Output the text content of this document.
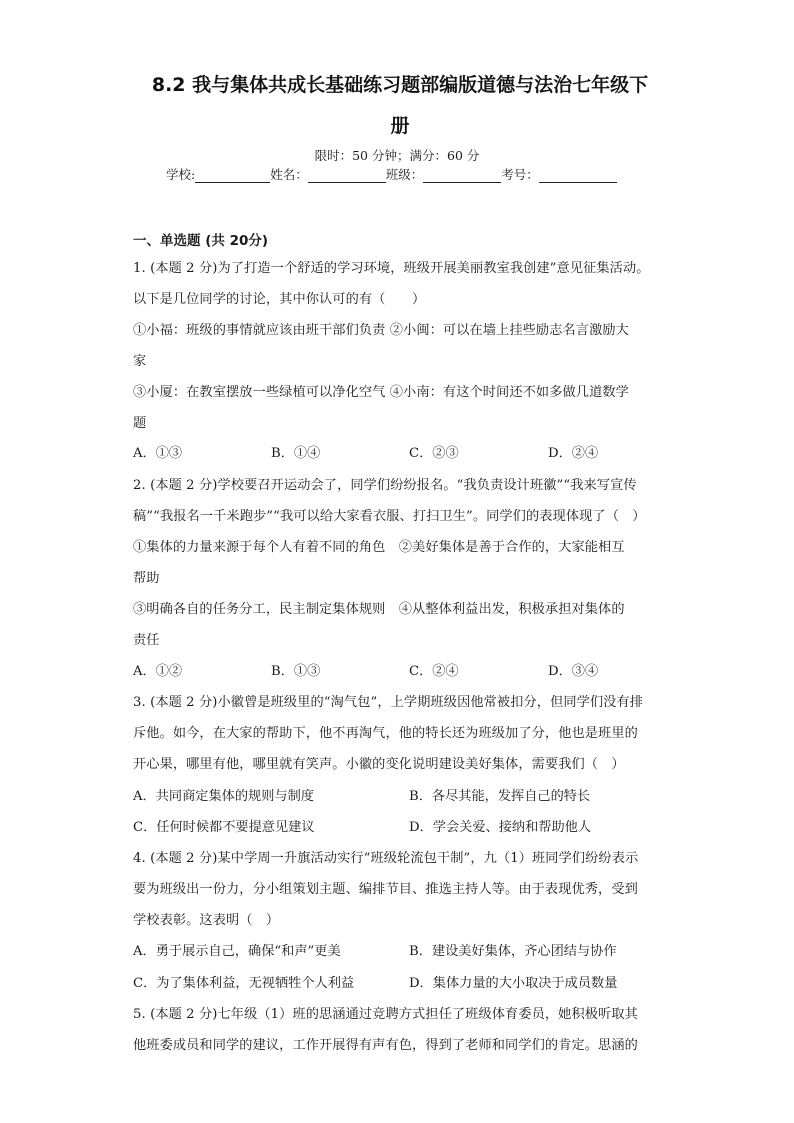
8.2 我与集体共成长基础练习题部编版道德与法治七年级下
册
限时：50 分钟；满分：60 分
学校:	姓名：	班级：	考号：
一、单选题 (共 20分)
1. (本题 2 分)为了打造一个舒适的学习环境，班级开展美丽教室我创建”意见征集活动。
以下是几位同学的讨论，其中你认可的有（　　）
①小福：班级的事情就应该由班干部们负责 ②小闽：可以在墙上挂些励志名言激励大
家
③小厦：在教室摆放一些绿植可以净化空气 ④小南：有这个时间还不如多做几道数学
题
A．①③	B．①④	C．②③	D．②④
2. (本题 2 分)学校要召开运动会了，同学们纷纷报名。“我负责设计班徽”“我来写宣传
稿”“我报名一千米跑步”“我可以给大家看衣服、打扫卫生”。同学们的表现体现了（　）
①集体的力量来源于每个人有着不同的角色　②美好集体是善于合作的，大家能相互
帮助
③明确各自的任务分工，民主制定集体规则　④从整体利益出发，积极承担对集体的
责任
A．①②	B．①③	C．②④	D．③④
3. (本题 2 分)小徽曾是班级里的“淘气包”，上学期班级因他常被扣分，但同学们没有排
斥他。如今，在大家的帮助下，他不再淘气，他的特长还为班级加了分，他也是班里的
开心果，哪里有他，哪里就有笑声。小徽的变化说明建设美好集体，需要我们（　）
A．共同商定集体的规则与制度	B．各尽其能，发挥自己的特长
C．任何时候都不要提意见建议	D．学会关爱、接纳和帮助他人
4. (本题 2 分)某中学周一升旗活动实行“班级轮流包干制”，九（1）班同学们纷纷表示
要为班级出一份力，分小组策划主题、编排节目、推选主持人等。由于表现优秀，受到
学校表彰。这表明（　）
A．勇于展示自己，确保“和声”更美	B．建设美好集体，齐心团结与协作
C．为了集体利益，无视牺牲个人利益	D．集体力量的大小取决于成员数量
5. (本题 2 分)七年级（1）班的思涵通过竞聘方式担任了班级体育委员，她积极听取其
他班委成员和同学的建议，工作开展得有声有色，得到了老师和同学们的肯定。思涵的
